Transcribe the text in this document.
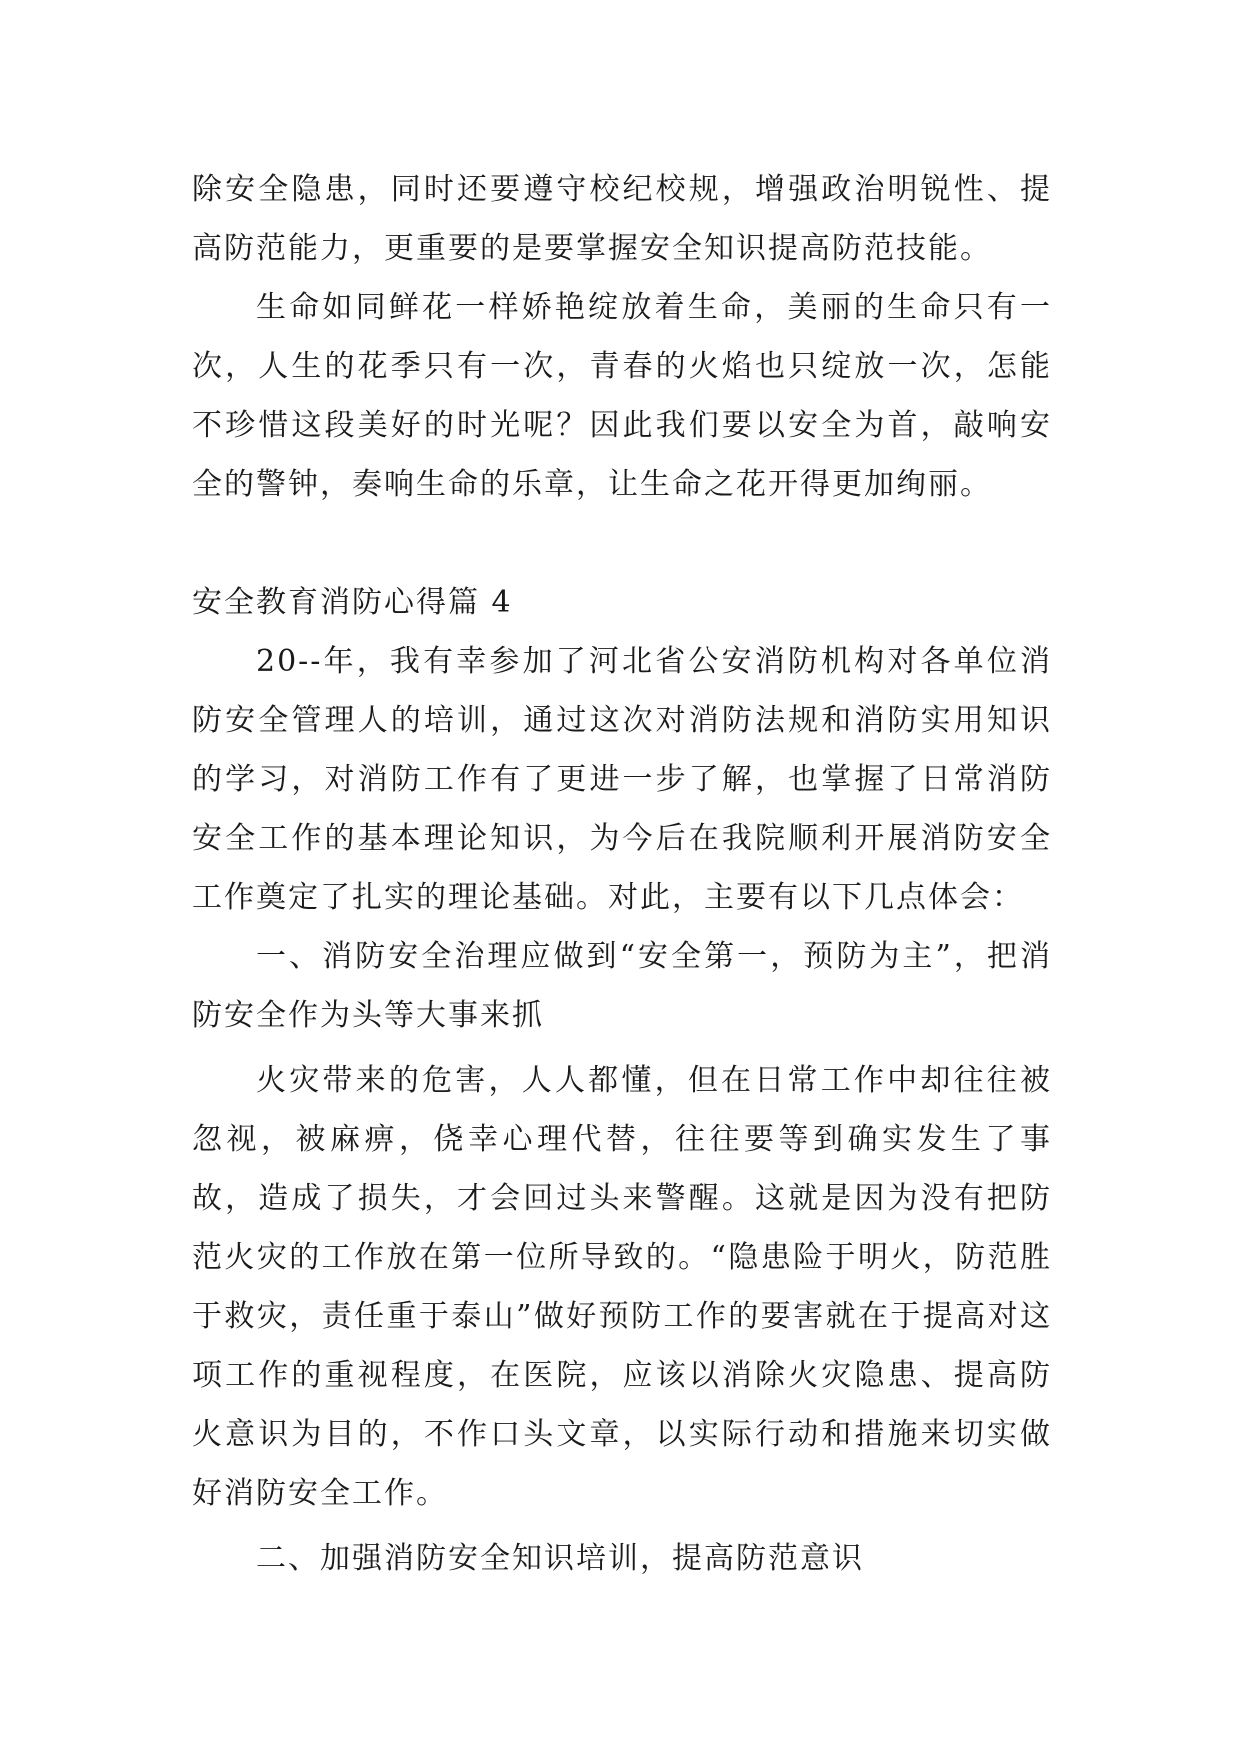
除安全隐患，同时还要遵守校纪校规，增强政治明锐性、提高防范能力，更重要的是要掌握安全知识提高防范技能。

生命如同鲜花一样娇艳绽放着生命，美丽的生命只有一次，人生的花季只有一次，青春的火焰也只绽放一次，怎能不珍惜这段美好的时光呢？因此我们要以安全为首，敲响安全的警钟，奏响生命的乐章，让生命之花开得更加绚丽。

安全教育消防心得篇 4

20--年，我有幸参加了河北省公安消防机构对各单位消防安全管理人的培训，通过这次对消防法规和消防实用知识的学习，对消防工作有了更进一步了解，也掌握了日常消防安全工作的基本理论知识，为今后在我院顺利开展消防安全工作奠定了扎实的理论基础。对此，主要有以下几点体会：

一、消防安全治理应做到“安全第一，预防为主”，把消防安全作为头等大事来抓

火灾带来的危害，人人都懂，但在日常工作中却往往被忽视，被麻痹，侥幸心理代替，往往要等到确实发生了事故，造成了损失，才会回过头来警醒。这就是因为没有把防范火灾的工作放在第一位所导致的。“隐患险于明火，防范胜于救灾，责任重于泰山”做好预防工作的要害就在于提高对这项工作的重视程度，在医院，应该以消除火灾隐患、提高防火意识为目的，不作口头文章，以实际行动和措施来切实做好消防安全工作。

二、加强消防安全知识培训，提高防范意识
